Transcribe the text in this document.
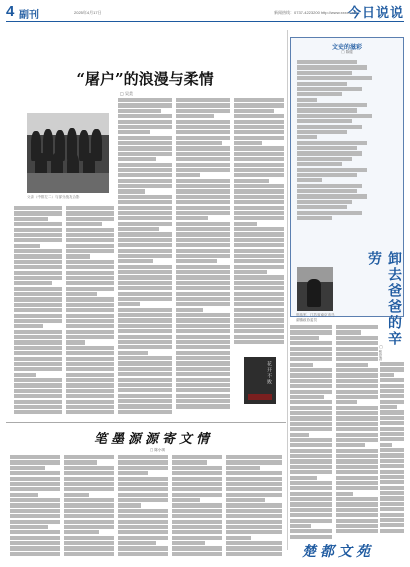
4 副刊	2025年4月17日	新闻热线：0737-4223200 http://www.xxxxx.net
今日说说
“屠户”的浪漫与柔情
□ 吴美
父亲（中排左二）与部分战友合影
文史的滋彩
□ 陈健
郭伟军，江苏省南京市马湖镇政协委员	卸去爸爸的辛劳
□ 张京香
花开不败
笔墨源源寄文情
□ 陈小琪
楚都文苑
